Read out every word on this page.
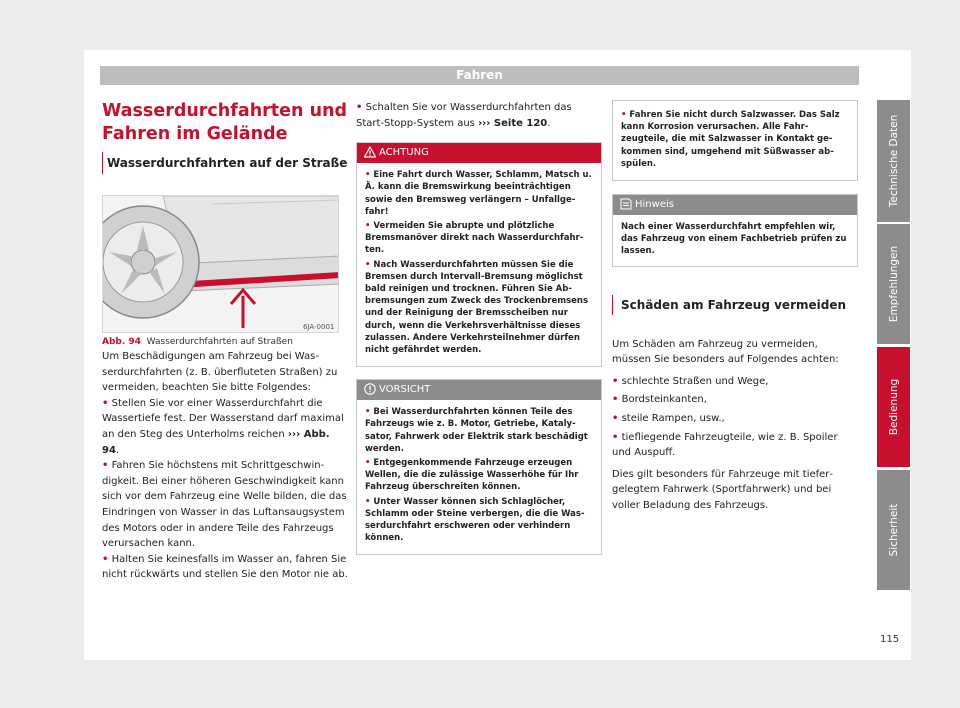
Fahren
Wasserdurchfahrten und
Fahren im Gelände
Wasserdurchfahrten auf der Straße
6JA-0001
Abb. 94 Wasserdurchfahrten auf Straßen

Um Beschädigungen am Fahrzeug bei Wasserdurchfahrten (z. B. überfluteten Straßen) zu vermeiden, beachten Sie bitte Folgendes:

• Stellen Sie vor einer Wasserdurchfahrt die Wassertiefe fest. Der Wasserstand darf maximal an den Steg des Unterholms reichen ››› Abb. 94.
• Fahren Sie höchstens mit Schrittgeschwindigkeit. Bei einer höheren Geschwindigkeit kann sich vor dem Fahrzeug eine Welle bilden, die das Eindringen von Wasser in das Luftansaugsystem des Motors oder in andere Teile des Fahrzeugs verursachen kann.
• Halten Sie keinesfalls im Wasser an, fahren Sie nicht rückwärts und stellen Sie den Motor nie ab.
• Schalten Sie vor Wasserdurchfahrten das Start-Stopp-System aus ››› Seite 120.
ACHTUNG
• Eine Fahrt durch Wasser, Schlamm, Matsch u. Ä. kann die Bremswirkung beeinträchtigen sowie den Bremsweg verlängern – Unfallgefahr!
• Vermeiden Sie abrupte und plötzliche Bremsmanöver direkt nach Wasserdurchfahrten.
• Nach Wasserdurchfahrten müssen Sie die Bremsen durch Intervall-Bremsung möglichst bald reinigen und trocknen. Führen Sie Abbremsungen zum Zweck des Trockenbremsens und der Reinigung der Bremsscheiben nur durch, wenn die Verkehrsverhältnisse dieses zulassen. Andere Verkehrsteilnehmer dürfen nicht gefährdet werden.
VORSICHT
• Bei Wasserdurchfahrten können Teile des Fahrzeugs wie z. B. Motor, Getriebe, Katalysator, Fahrwerk oder Elektrik stark beschädigt werden.
• Entgegenkommende Fahrzeuge erzeugen Wellen, die die zulässige Wasserhöhe für Ihr Fahrzeug überschreiten können.
• Unter Wasser können sich Schlaglöcher, Schlamm oder Steine verbergen, die die Wasserdurchfahrt erschweren oder verhindern können.
• Fahren Sie nicht durch Salzwasser. Das Salz kann Korrosion verursachen. Alle Fahrzeugteile, die mit Salzwasser in Kontakt gekommen sind, umgehend mit Süßwasser abspülen.
Hinweis
Nach einer Wasserdurchfahrt empfehlen wir, das Fahrzeug von einem Fachbetrieb prüfen zu lassen.
Schäden am Fahrzeug vermeiden

Um Schäden am Fahrzeug zu vermeiden, müssen Sie besonders auf Folgendes achten:

• schlechte Straßen und Wege,
• Bordsteinkanten,
• steile Rampen, usw.,
• tiefliegende Fahrzeugteile, wie z. B. Spoiler und Auspuff.

Dies gilt besonders für Fahrzeuge mit tiefergelegtem Fahrwerk (Sportfahrwerk) und bei voller Beladung des Fahrzeugs.

Technische Daten
Empfehlungen
Bedienung
Sicherheit
115
